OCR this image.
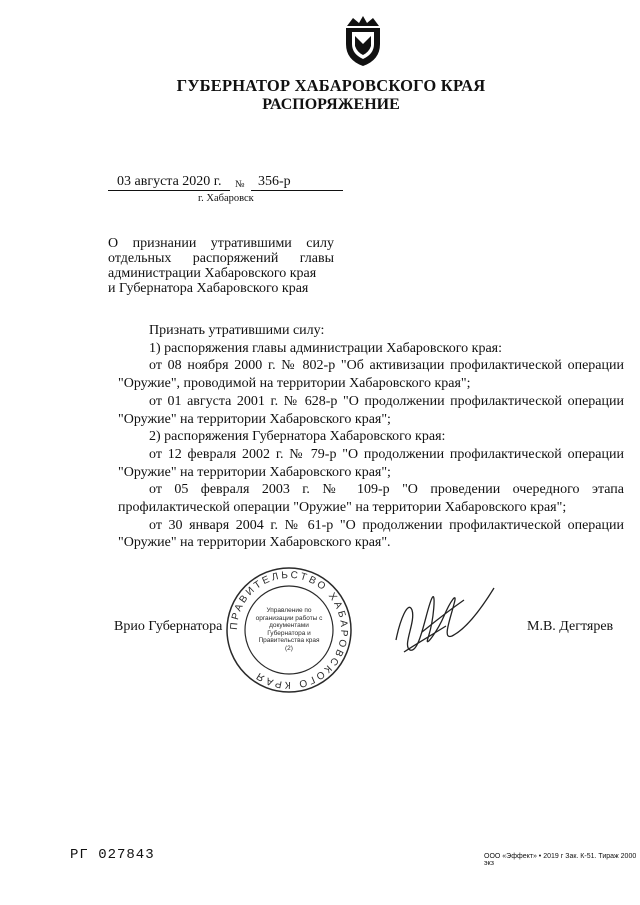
ГУБЕРНАТОР ХАБАРОВСКОГО КРАЯ
РАСПОРЯЖЕНИЕ
03 августа 2020 г. № 356-р
г. Хабаровск
О признании утратившими силу
отдельных распоряжений главы
администрации Хабаровского края
и Губернатора Хабаровского края

Признать утратившими силу:

1) распоряжения главы администрации Хабаровского края:

от 08 ноября 2000 г. № 802-р "Об активизации профилактической операции "Оружие", проводимой на территории Хабаровского края";

от 01 августа 2001 г. № 628-р "О продолжении профилактической операции "Оружие" на территории Хабаровского края";

2) распоряжения Губернатора Хабаровского края:

от 12 февраля 2002 г. № 79-р "О продолжении профилактической операции "Оружие" на территории Хабаровского края";

от 05 февраля 2003 г. № 109-р "О проведении очередного этапа профилактической операции "Оружие" на территории Хабаровского края";

от 30 января 2004 г. № 61-р "О продолжении профилактической операции "Оружие" на территории Хабаровского края".

Врио Губернатора ПРАВИТЕЛЬСТВО ХАБАРОВСКОГО КРАЯ
Управление по организации работы с документами Губернатора и Правительства края (2)
М.В. Дегтярев
РГ 027843	ООО «Эффект» • 2019 г Зак. К-51. Тираж 2000 экз
